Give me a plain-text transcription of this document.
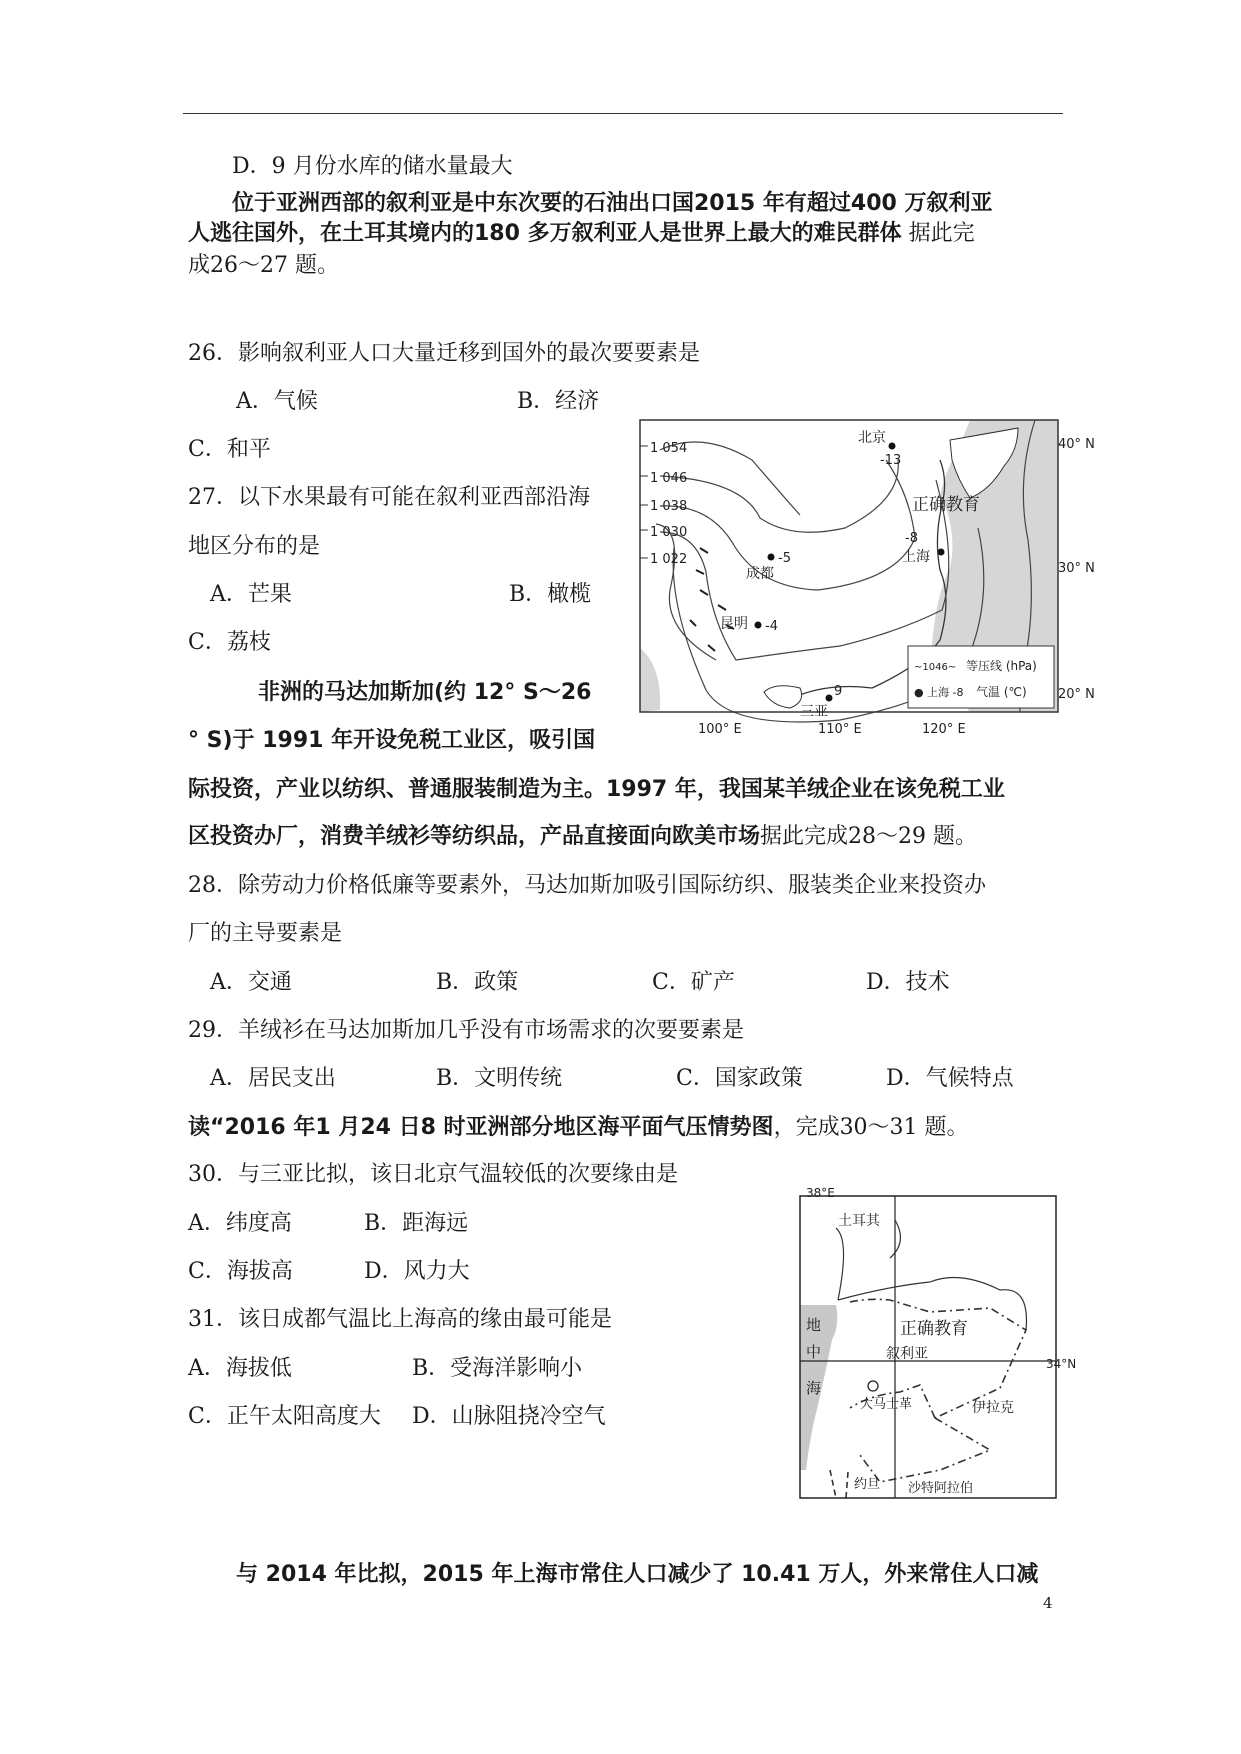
D．9 月份水库的储水量最大
位于亚洲西部的叙利亚是中东次要的石油出口国2015 年有超过400 万叙利亚
人逃往国外，在土耳其境内的180 多万叙利亚人是世界上最大的难民群体 据此完
成26～27 题。
26．影响叙利亚人口大量迁移到国外的最次要要素是
A．气候	B．经济
C．和平
27．以下水果最有可能在叙利亚西部沿海
地区分布的是
A．芒果	B．橄榄
C．荔枝
非洲的马达加斯加(约 12° S～26
° S)于 1991 年开设免税工业区，吸引国
际投资，产业以纺织、普通服装制造为主。1997 年，我国某羊绒企业在该免税工业
区投资办厂，消费羊绒衫等纺织品，产品直接面向欧美市场据此完成28～29 题。
28．除劳动力价格低廉等要素外，马达加斯加吸引国际纺织、服装类企业来投资办
厂的主导要素是
A．交通	B．政策	C．矿产	D．技术
29．羊绒衫在马达加斯加几乎没有市场需求的次要要素是
A．居民支出	B．文明传统	C．国家政策	D．气候特点
读“2016 年1 月24 日8 时亚洲部分地区海平面气压情势图，完成30～31 题。
30．与三亚比拟，该日北京气温较低的次要缘由是
A．纬度高	B．距海远
C．海拔高	D．风力大
31．该日成都气温比上海高的缘由最可能是
A．海拔低	B．受海洋影响小
C．正午太阳高度大 D．山脉阻挠冷空气
与 2014 年比拟，2015 年上海市常住人口减少了 10.41 万人，外来常住人口减
4
1 054
1 046
1 038
1 030
1 022
40° N
30° N
20° N
100° E	110° E	120° E
北京
-13
上海
-8
成都
-5
昆明 -4
三亚
9
正确教育
~1046~ 等压线 (hPa)
● 上海 -8 气温 (℃)
38°E
34°N
土耳其
叙利亚
伊拉克
约旦 沙特阿拉伯
地
中
海
大马士革
正确教育
